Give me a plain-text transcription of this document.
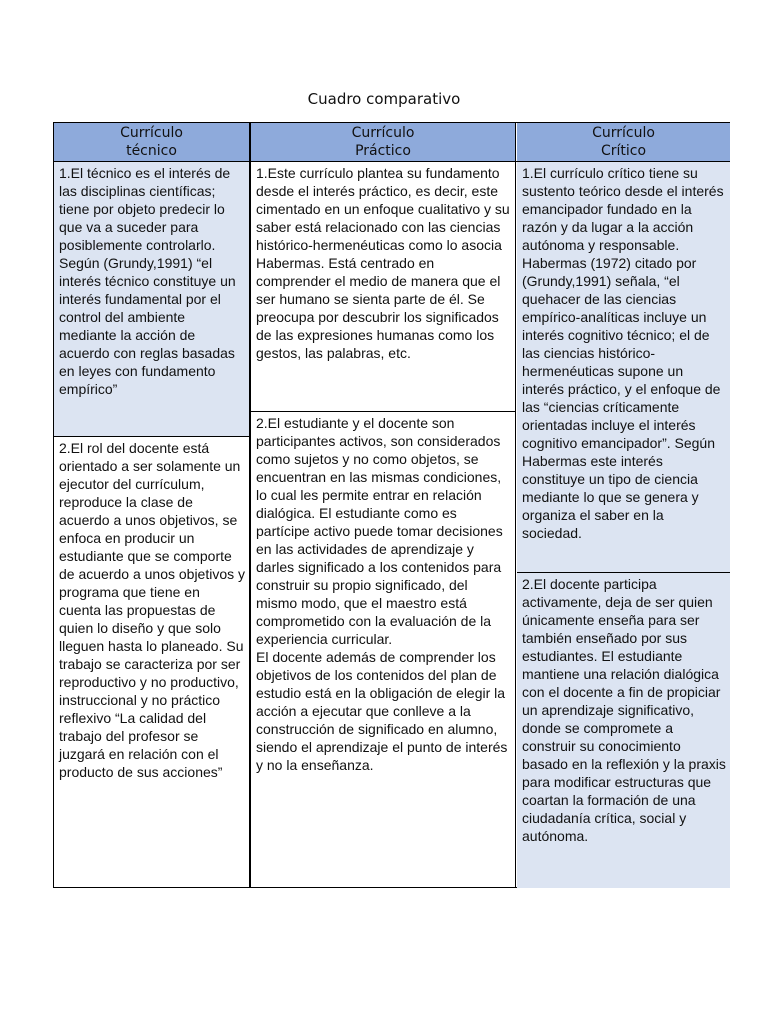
Cuadro comparativo
Currículo
técnico
Currículo
Práctico
Currículo
Crítico
1.El técnico es el interés de las disciplinas científicas; tiene por objeto predecir lo que va a suceder para posiblemente controlarlo. Según (Grundy,1991) “el interés técnico constituye un interés fundamental por el control del ambiente mediante la acción de acuerdo con reglas basadas en leyes con fundamento empírico”
2.El rol del docente está orientado a ser solamente un ejecutor del currículum, reproduce la clase de acuerdo a unos objetivos, se enfoca en producir un estudiante que se comporte de acuerdo a unos objetivos y programa que tiene en cuenta las propuestas de quien lo diseño y que solo lleguen hasta lo planeado. Su trabajo se caracteriza por ser reproductivo y no productivo, instruccional y no práctico reflexivo “La calidad del trabajo del profesor se juzgará en relación con el producto de sus acciones”
1.Este currículo plantea su fundamento desde el interés práctico, es decir, este cimentado en un enfoque cualitativo y su saber está relacionado con las ciencias histórico-hermenéuticas como lo asocia Habermas. Está centrado en comprender el medio de manera que el ser humano se sienta parte de él. Se preocupa por descubrir los significados de las expresiones humanas como los gestos, las palabras, etc.
2.El estudiante y el docente son participantes activos, son considerados como sujetos y no como objetos, se encuentran en las mismas condiciones, lo cual les permite entrar en relación dialógica. El estudiante como es partícipe activo puede tomar decisiones en las actividades de aprendizaje y darles significado a los contenidos para construir su propio significado, del mismo modo, que el maestro está comprometido con la evaluación de la experiencia curricular.
El docente además de comprender los objetivos de los contenidos del plan de estudio está en la obligación de elegir la acción a ejecutar que conlleve a la construcción de significado en alumno, siendo el aprendizaje el punto de interés y no la enseñanza.
1.El currículo crítico tiene su sustento teórico desde el interés emancipador fundado en la razón y da lugar a la acción autónoma y responsable. Habermas (1972) citado por (Grundy,1991) señala, “el quehacer de las ciencias empírico-analíticas incluye un interés cognitivo técnico; el de las ciencias histórico-hermenéuticas supone un interés práctico, y el enfoque de las “ciencias críticamente orientadas incluye el interés cognitivo emancipador”. Según Habermas este interés constituye un tipo de ciencia mediante lo que se genera y organiza el saber en la sociedad.
2.El docente participa activamente, deja de ser quien únicamente enseña para ser también enseñado por sus estudiantes. El estudiante mantiene una relación dialógica con el docente a fin de propiciar un aprendizaje significativo, donde se compromete a construir su conocimiento basado en la reflexión y la praxis para modificar estructuras que coartan la formación de una ciudadanía crítica, social y autónoma.
